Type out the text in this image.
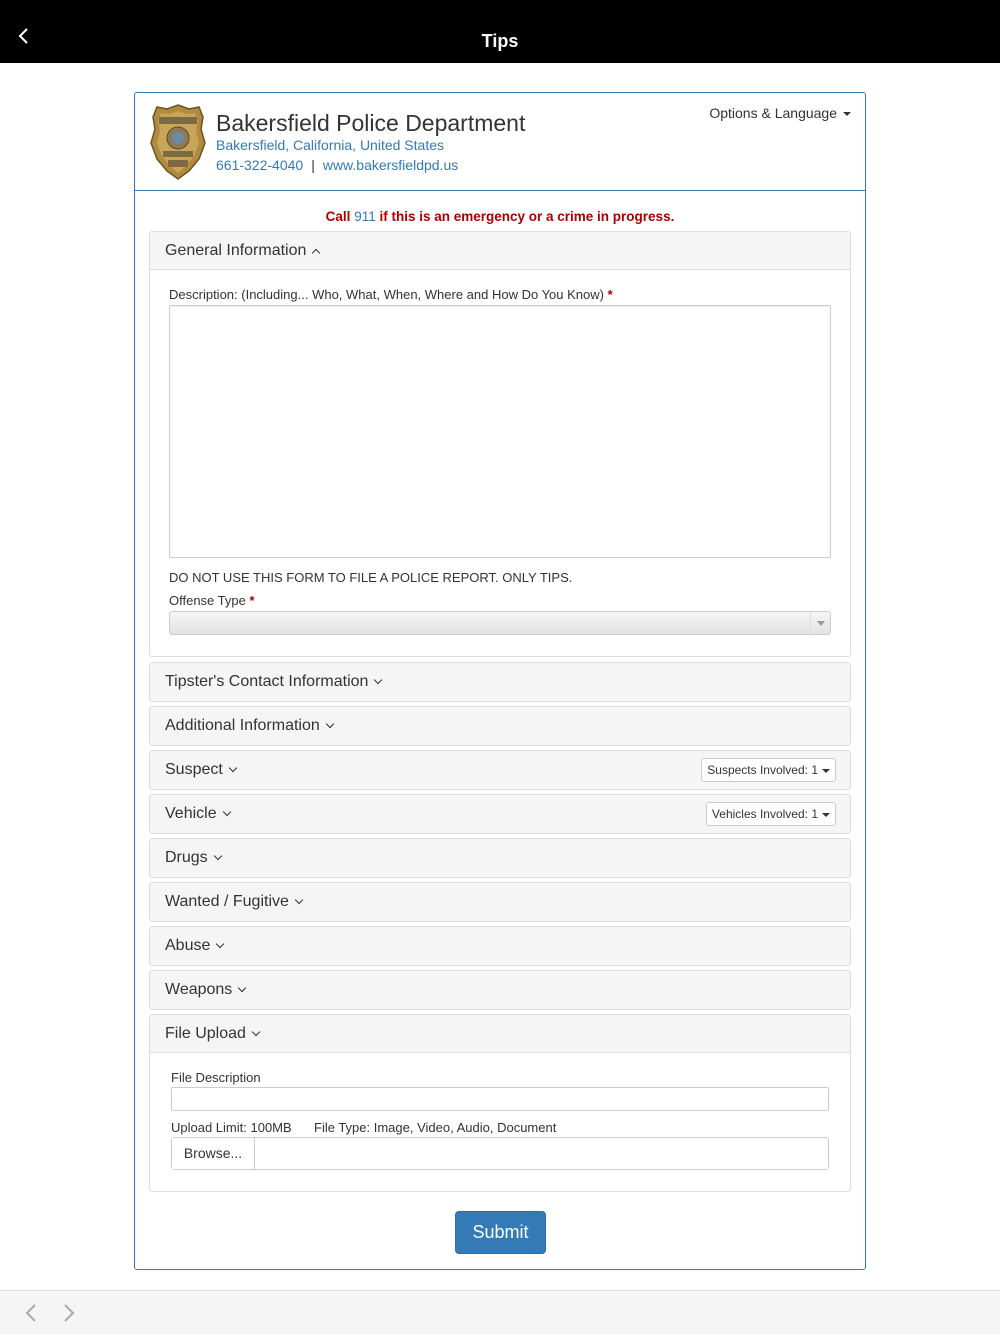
Tips
Bakersfield Police Department
Bakersfield, California, United States
661-322-4040 | www.bakersfieldpd.us
Options & Language
Call 911 if this is an emergency or a crime in progress.
General Information
Description: (Including... Who, What, When, Where and How Do You Know) *
DO NOT USE THIS FORM TO FILE A POLICE REPORT. ONLY TIPS.
Offense Type *
Tipster's Contact Information
Additional Information
Suspect	Suspects Involved: 1
Vehicle	Vehicles Involved: 1
Drugs
Wanted / Fugitive
Abuse
Weapons
File Upload
File Description
Upload Limit: 100MB File Type: Image, Video, Audio, Document
Browse...
Submit
